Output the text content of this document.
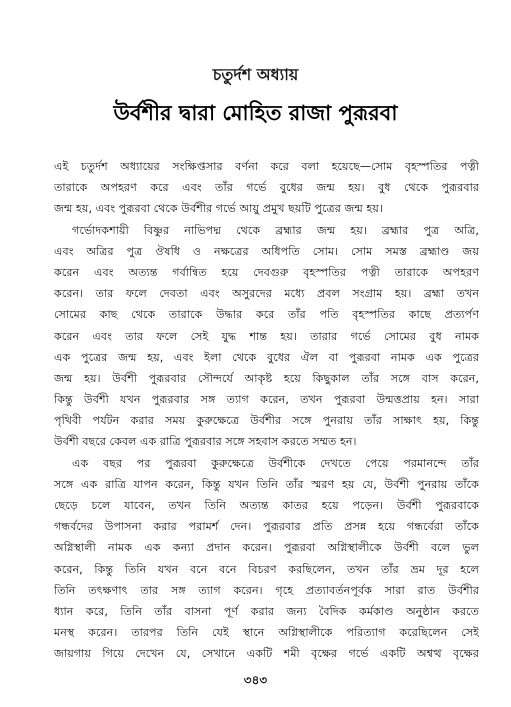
চতুর্দশ অধ্যায়
উর্বশীর দ্বারা মোহিত রাজা পুরূরবা
এই চতুর্দশ অধ্যায়ের সংক্ষিপ্তসার বর্ণনা করে বলা হয়েছে—সোম বৃহস্পতির পত্নী
তারাকে অপহরণ করে এবং তাঁর গর্ভে বুধের জন্ম হয়। বুধ থেকে পুরূরবার
জন্ম হয়, এবং পুরূরবা থেকে উর্বশীর গর্ভে আয়ু প্রমুখ ছয়টি পুত্রের জন্ম হয়।
গর্ভোদকশায়ী বিষ্ণুর নাভিপদ্ম থেকে ব্রহ্মার জন্ম হয়। ব্রহ্মার পুত্র অত্রি,
এবং অত্রির পুত্র ঔষধি ও নক্ষত্রের অধিপতি সোম। সোম সমস্ত ব্রহ্মাণ্ড জয়
করেন এবং অত্যন্ত গর্বান্বিত হয়ে দেবগুরু বৃহস্পতির পত্নী তারাকে অপহরণ
করেন। তার ফলে দেবতা এবং অসুরদের মধ্যে প্রবল সংগ্রাম হয়। ব্রহ্মা তখন
সোমের কাছ থেকে তারাকে উদ্ধার করে তাঁর পতি বৃহস্পতির কাছে প্রত্যর্পণ
করেন এবং তার ফলে সেই যুদ্ধ শান্ত হয়। তারার গর্ভে সোমের বুধ নামক
এক পুত্রের জন্ম হয়, এবং ইলা থেকে বুধের ঐল বা পুরূরবা নামক এক পুত্রের
জন্ম হয়। উর্বশী পুরূরবার সৌন্দর্যে আকৃষ্ট হয়ে কিছুকাল তাঁর সঙ্গে বাস করেন,
কিন্তু উর্বশী যখন পুরূরবার সঙ্গ ত্যাগ করেন, তখন পুরূরবা উন্মত্তপ্রায় হন। সারা
পৃথিবী পর্যটন করার সময় কুরুক্ষেত্রে উর্বশীর সঙ্গে পুনরায় তাঁর সাক্ষাৎ হয়, কিন্তু
উর্বশী বছরে কেবল এক রাত্রি পুরূরবার সঙ্গে সহবাস করতে সম্মত হন।
এক বছর পর পুরূরবা কুরুক্ষেত্রে উর্বশীকে দেখতে পেয়ে পরমানন্দে তাঁর
সঙ্গে এক রাত্রি যাপন করেন, কিন্তু যখন তিনি তাঁর স্মরণ হয় যে, উর্বশী পুনরায় তাঁকে
ছেড়ে চলে যাবেন, তখন তিনি অত্যন্ত কাতর হয়ে পড়েন। উর্বশী পুরূরবাকে
গন্ধর্বদের উপাসনা করার পরামর্শ দেন। পুরূরবার প্রতি প্রসন্ন হয়ে গন্ধর্বেরা তাঁকে
অগ্নিস্থালী নামক এক কন্যা প্রদান করেন। পুরূরবা অগ্নিস্থালীকে উর্বশী বলে ভুল
করেন, কিন্তু তিনি যখন বনে বনে বিচরণ করছিলেন, তখন তাঁর ভ্রম দূর হলে
তিনি তৎক্ষণাৎ তার সঙ্গ ত্যাগ করেন। গৃহে প্রত্যাবর্তনপূর্বক সারা রাত উর্বশীর
ধ্যান করে, তিনি তাঁর বাসনা পূর্ণ করার জন্য বৈদিক কর্মকাণ্ড অনুষ্ঠান করতে
মনস্থ করেন। তারপর তিনি যেই স্থানে অগ্নিস্থালীকে পরিত্যাগ করেছিলেন সেই
জায়গায় গিয়ে দেখেন যে, সেখানে একটি শমী বৃক্ষের গর্ভে একটি অশ্বত্থ বৃক্ষের
৩৪৩
